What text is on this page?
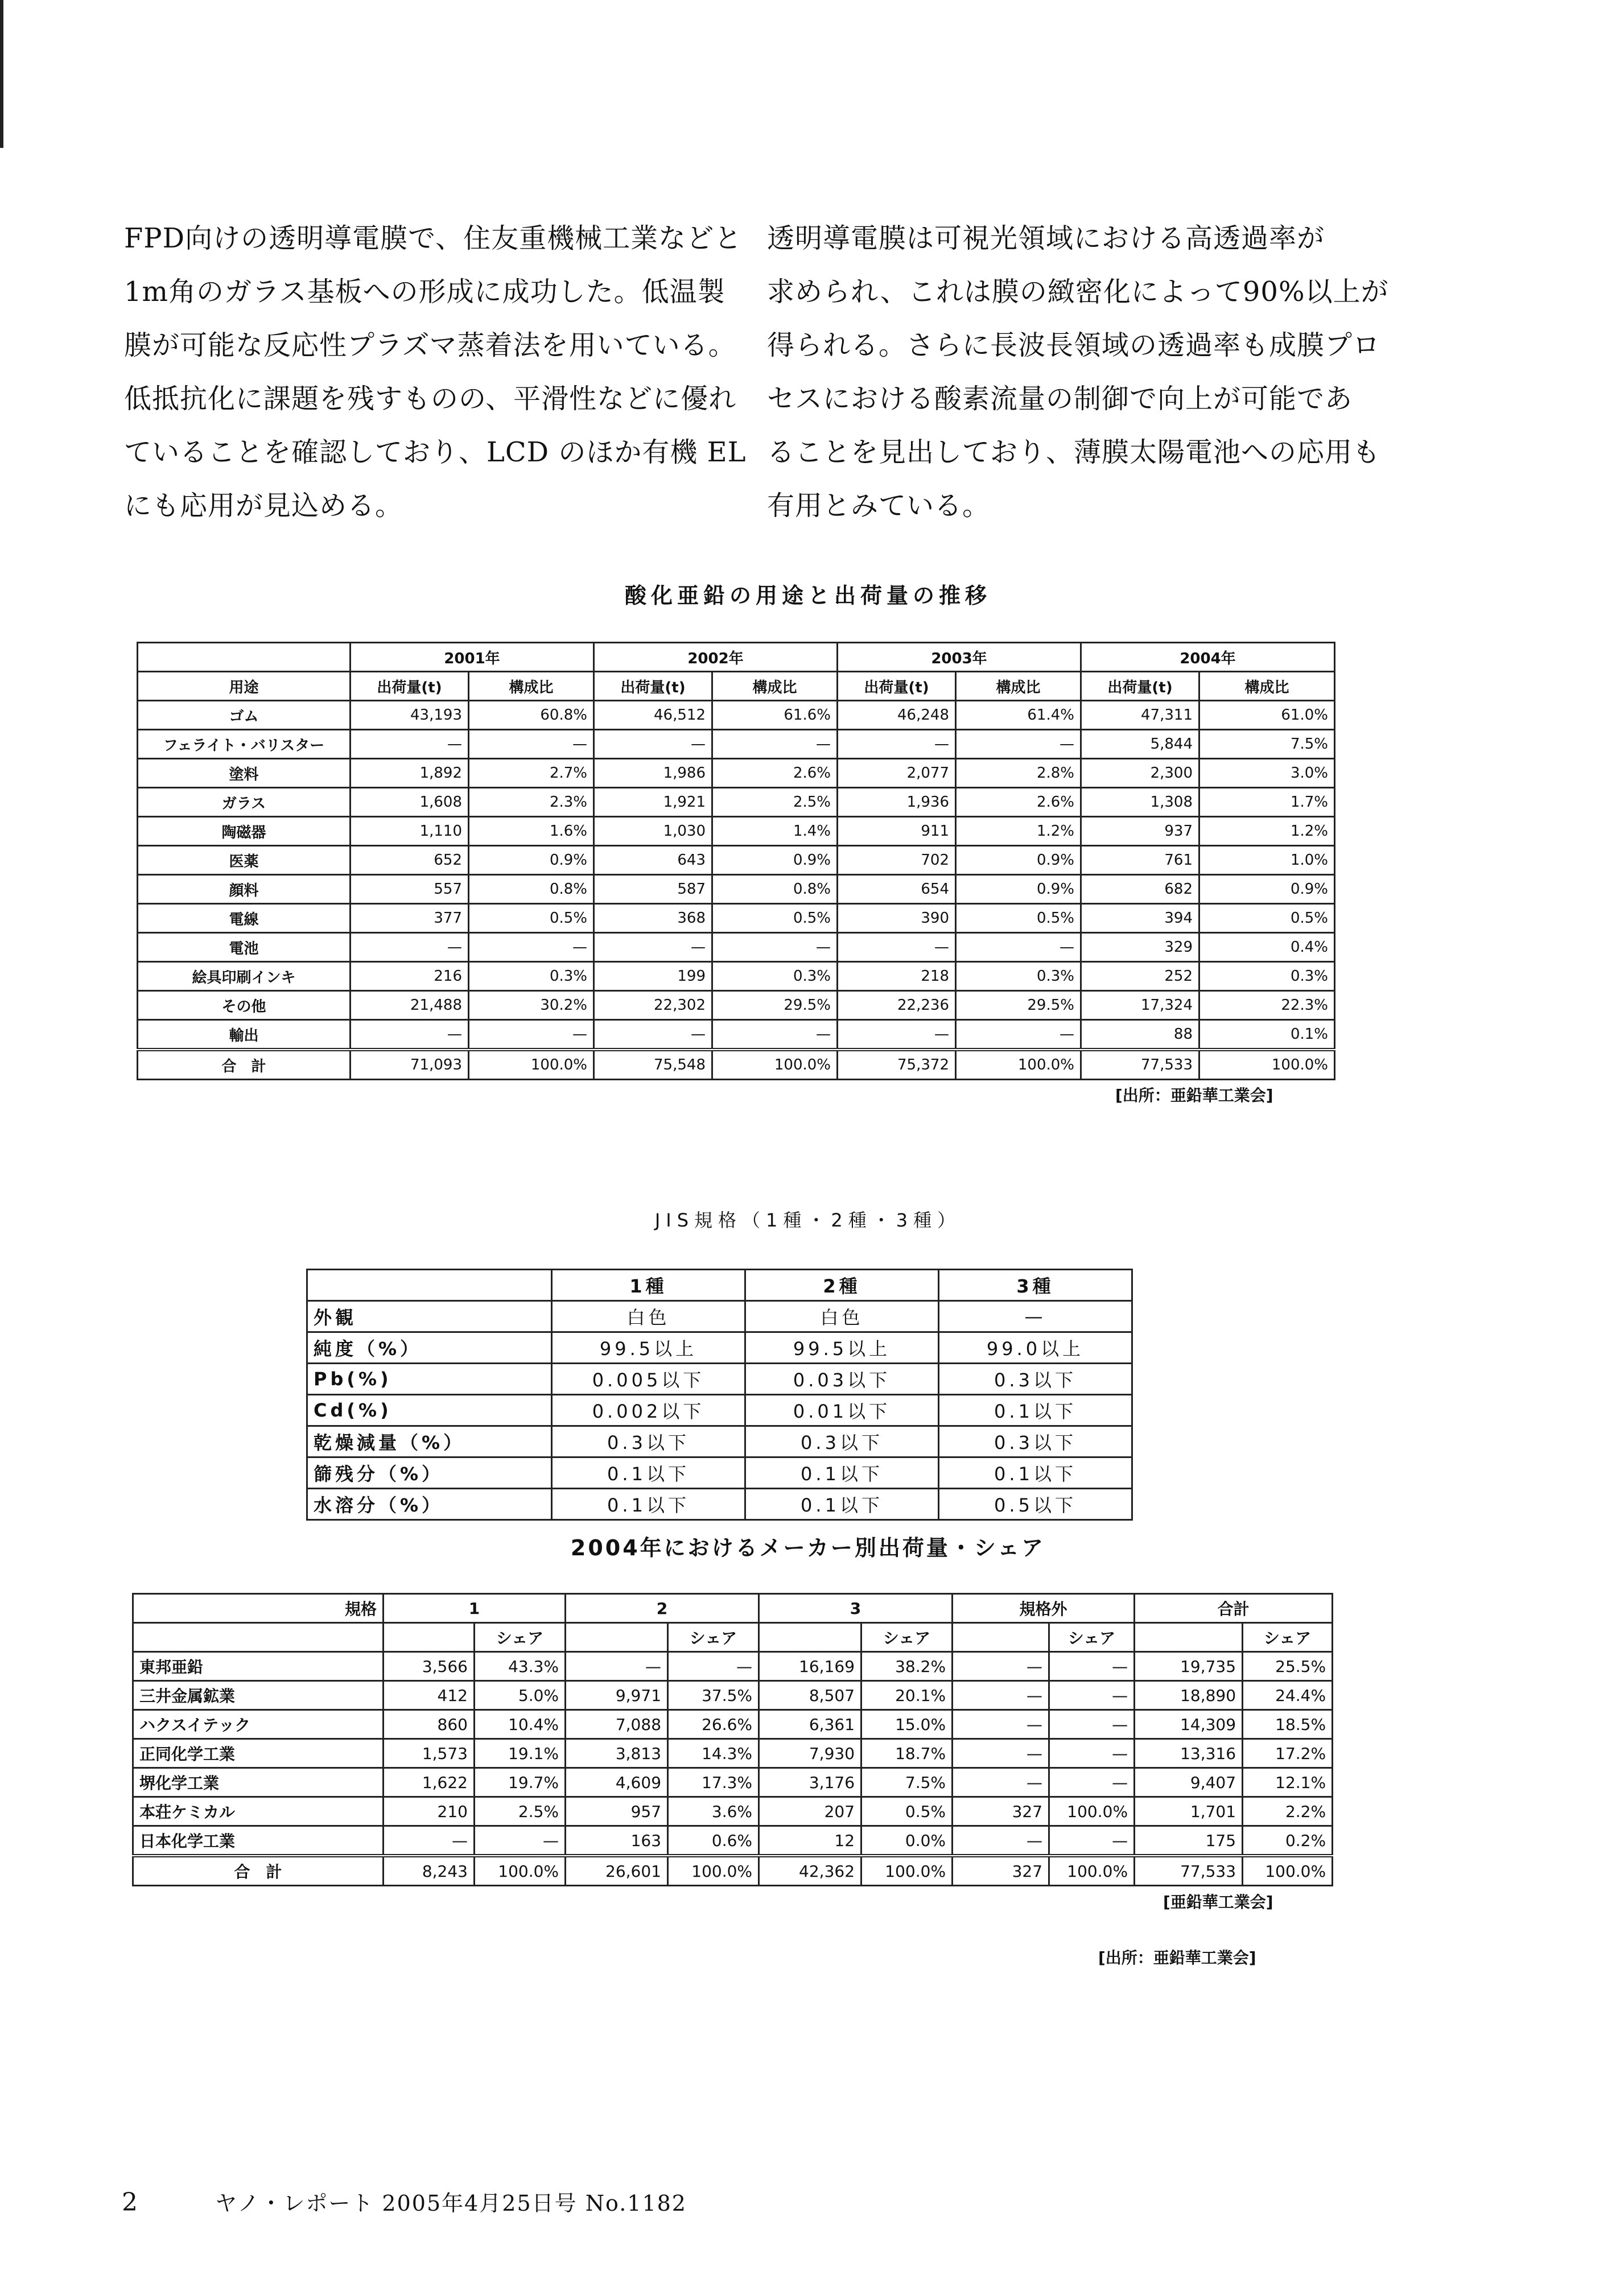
FPD向けの透明導電膜で、住友重機械工業などと
1m角のガラス基板への形成に成功した。低温製
膜が可能な反応性プラズマ蒸着法を用いている。
低抵抗化に課題を残すものの、平滑性などに優れ
ていることを確認しており、LCD のほか有機 EL
にも応用が見込める。
透明導電膜は可視光領域における高透過率が
求められ、これは膜の緻密化によって90%以上が
得られる。さらに長波長領域の透過率も成膜プロ
セスにおける酸素流量の制御で向上が可能であ
ることを見出しており、薄膜太陽電池への応用も
有用とみている。
酸化亜鉛の用途と出荷量の推移
	2001年		2002年		2003年		2004年	
用途	出荷量(t)	構成比	出荷量(t)	構成比	出荷量(t)	構成比	出荷量(t)	構成比
ゴム	43,193	60.8%	46,512	61.6%	46,248	61.4%	47,311	61.0%
フェライト・バリスター	—	—	—	—	—	—	5,844	7.5%
塗料	1,892	2.7%	1,986	2.6%	2,077	2.8%	2,300	3.0%
ガラス	1,608	2.3%	1,921	2.5%	1,936	2.6%	1,308	1.7%
陶磁器	1,110	1.6%	1,030	1.4%	911	1.2%	937	1.2%
医薬	652	0.9%	643	0.9%	702	0.9%	761	1.0%
顔料	557	0.8%	587	0.8%	654	0.9%	682	0.9%
電線	377	0.5%	368	0.5%	390	0.5%	394	0.5%
電池	—	—	—	—	—	—	329	0.4%
絵具印刷インキ	216	0.3%	199	0.3%	218	0.3%	252	0.3%
その他	21,488	30.2%	22,302	29.5%	22,236	29.5%	17,324	22.3%
輸出	—	—	—	—	—	—	88	0.1%
合　計	71,093	100.0%	75,548	100.0%	75,372	100.0%	77,533	100.0%
[出所：亜鉛華工業会]
JIS規格（1種・2種・3種）
	1種	2種	3種
外観	白色	白色	—
純度（%）	99.5以上	99.5以上	99.0以上
Pb(%)	0.005以下	0.03以下	0.3以下
Cd(%)	0.002以下	0.01以下	0.1以下
乾燥減量（%）	0.3以下	0.3以下	0.3以下
篩残分（%）	0.1以下	0.1以下	0.1以下
水溶分（%）	0.1以下	0.1以下	0.5以下
2004年におけるメーカー別出荷量・シェア
規格	1		2		3		規格外		合計	
		シェア		シェア		シェア		シェア		シェア
東邦亜鉛	3,566	43.3%	—	—	16,169	38.2%	—	—	19,735	25.5%
三井金属鉱業	412	5.0%	9,971	37.5%	8,507	20.1%	—	—	18,890	24.4%
ハクスイテック	860	10.4%	7,088	26.6%	6,361	15.0%	—	—	14,309	18.5%
正同化学工業	1,573	19.1%	3,813	14.3%	7,930	18.7%	—	—	13,316	17.2%
堺化学工業	1,622	19.7%	4,609	17.3%	3,176	7.5%	—	—	9,407	12.1%
本荘ケミカル	210	2.5%	957	3.6%	207	0.5%	327	100.0%	1,701	2.2%
日本化学工業	—	—	163	0.6%	12	0.0%	—	—	175	0.2%
合　計	8,243	100.0%	26,601	100.0%	42,362	100.0%	327	100.0%	77,533	100.0%
[亜鉛華工業会]
[出所：亜鉛華工業会]
2	ヤノ・レポート 2005年4月25日号 No.1182
